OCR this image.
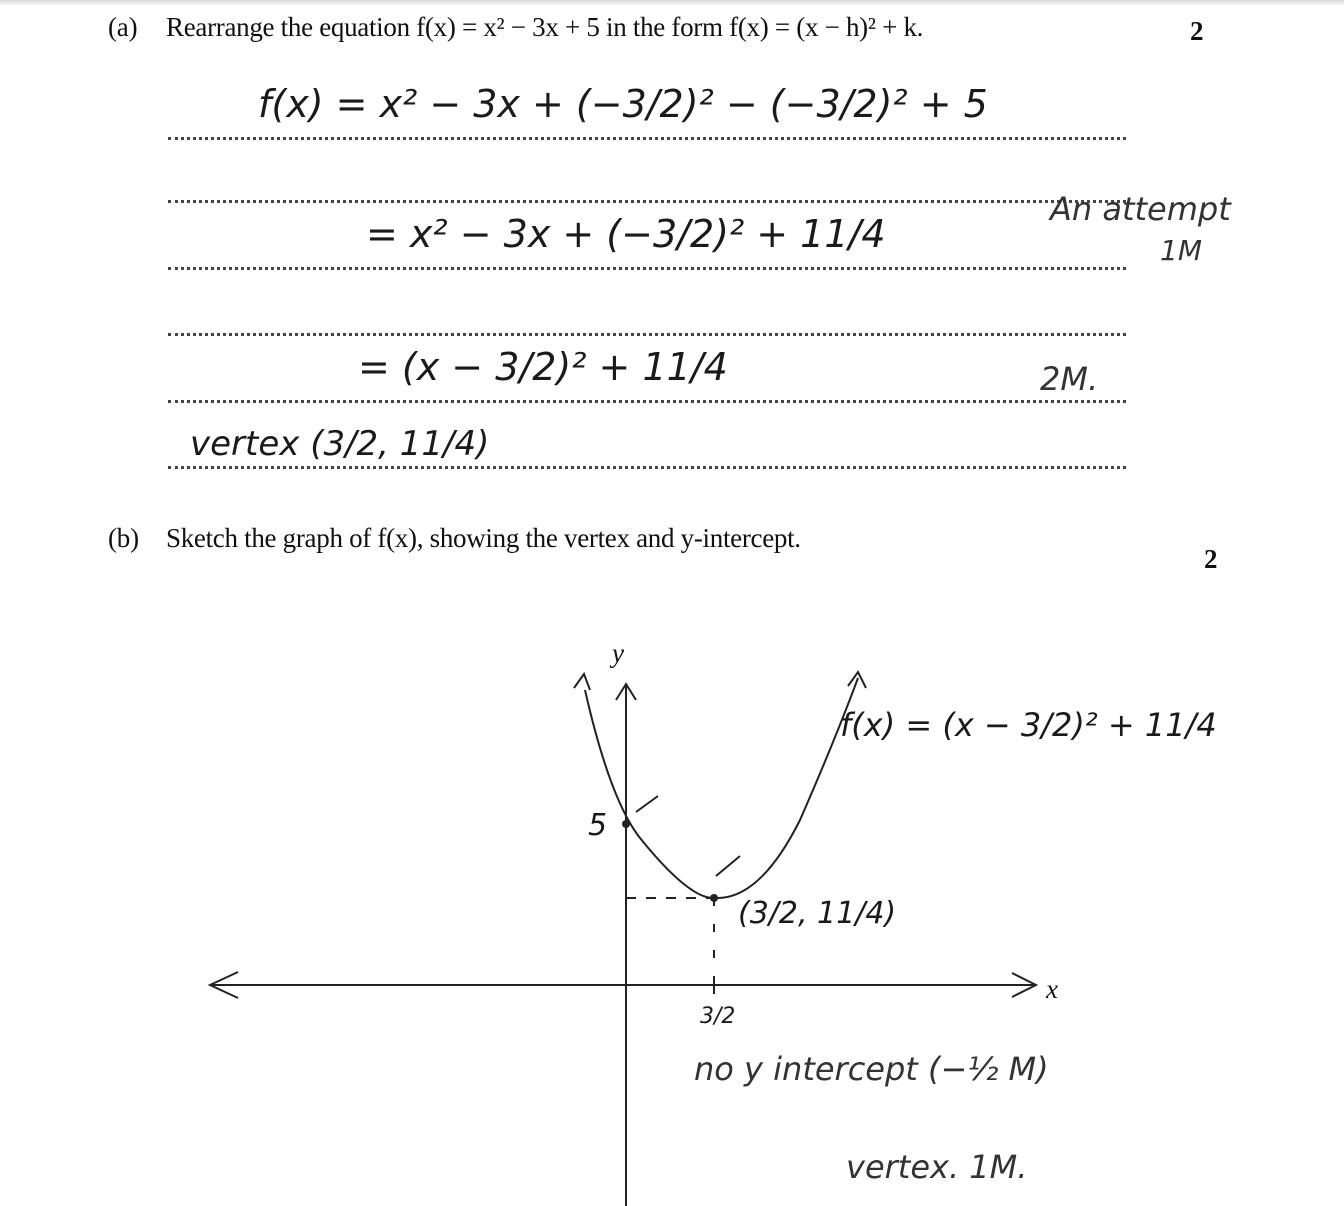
(a) Rearrange the equation f(x) = x² − 3x + 5 in the form f(x) = (x − h)² + k.	2
f(x) = x² − 3x + (−3/2)² − (−3/2)² + 5
= x² − 3x + (−3/2)² + 11/4
= (x − 3/2)² + 11/4
vertex (3/2, 11/4)
An attempt
1M
2M.
(b) Sketch the graph of f(x), showing the vertex and y-intercept.
2
y
x
5
3/2
(3/2, 11/4)
f(x) = (x − 3/2)² + 11/4
no y intercept (−½ M)
vertex. 1M.
